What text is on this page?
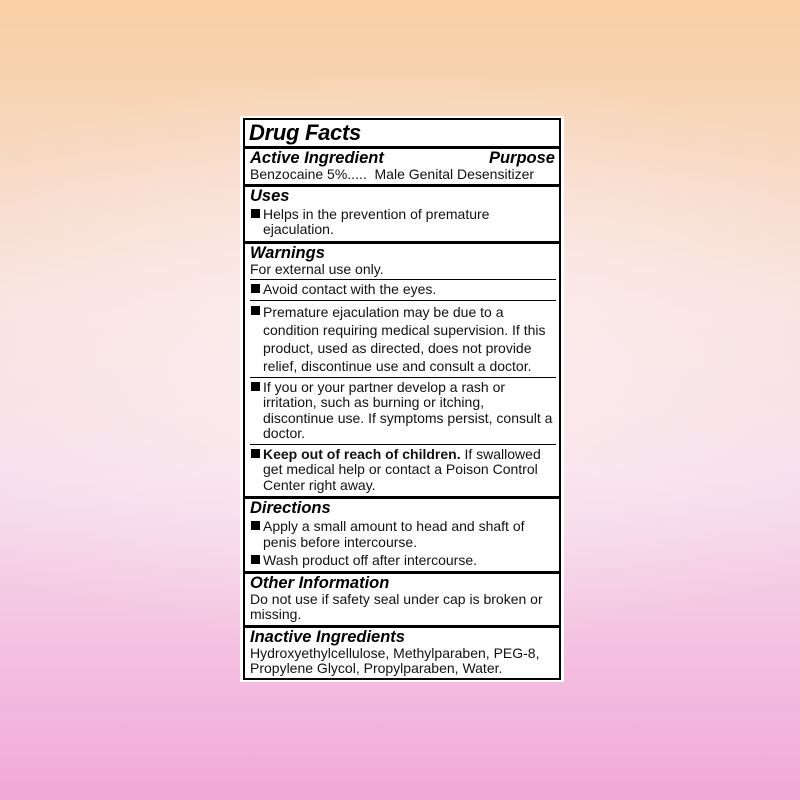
Drug Facts
Active Ingredient	Purpose
Benzocaine 5%.....  Male Genital Desensitizer
Uses
Helps in the prevention of premature ejaculation.
Warnings
For external use only.
Avoid contact with the eyes.
Premature ejaculation may be due to a condition requiring medical supervision. If this product, used as directed, does not provide relief, discontinue use and consult a doctor.
If you or your partner develop a rash or irritation, such as burning or itching, discontinue use. If symptoms persist, consult a doctor.
Keep out of reach of children. If swallowed get medical help or contact a Poison Control Center right away.
Directions
Apply a small amount to head and shaft of penis before intercourse.
Wash product off after intercourse.
Other Information
Do not use if safety seal under cap is broken or missing.
Inactive Ingredients
Hydroxyethylcellulose, Methylparaben, PEG-8, Propylene Glycol, Propylparaben, Water.
